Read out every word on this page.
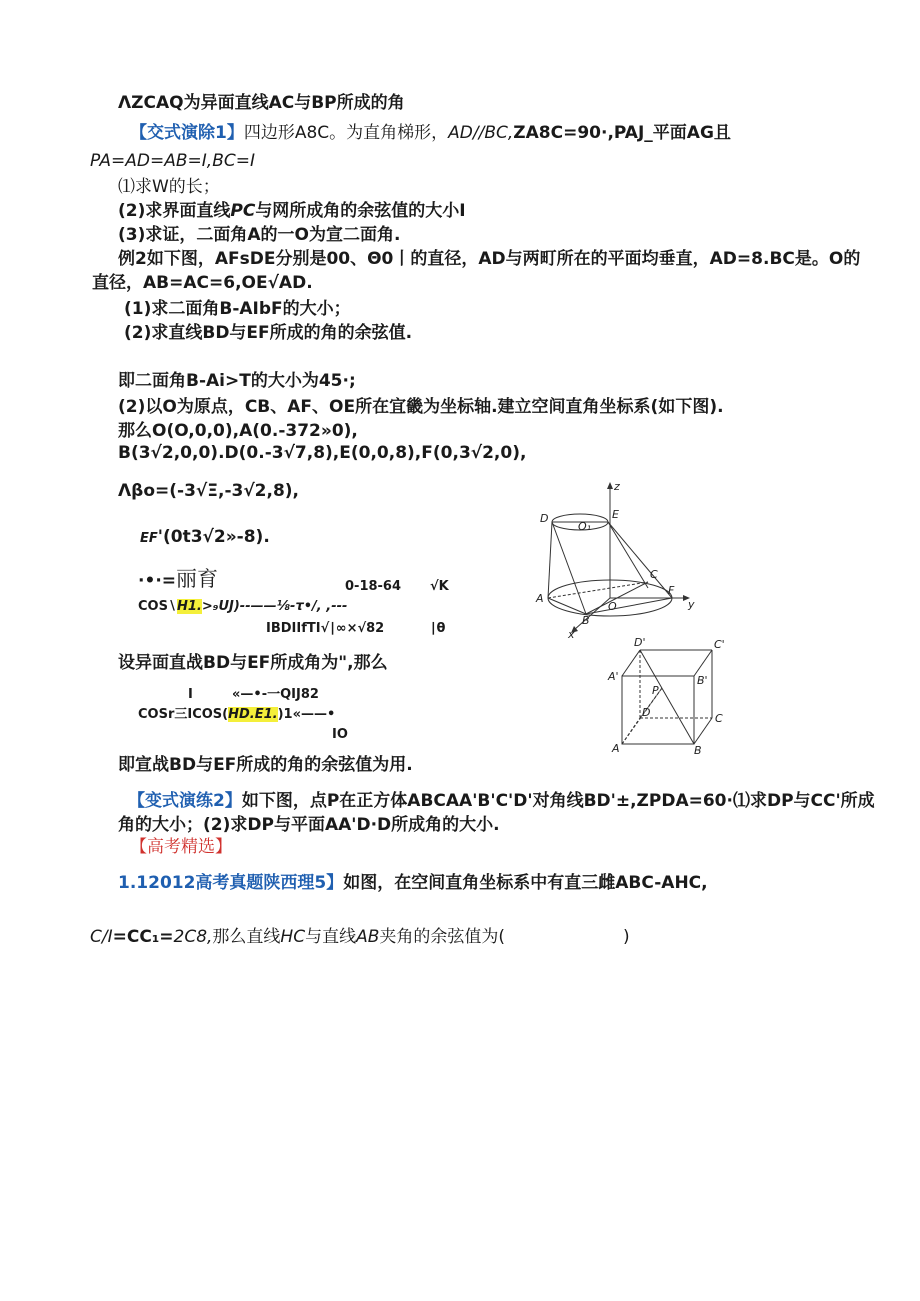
ΛZCAQ为异面直线AC与BP所成的角
【交式演除1】四边形A8C。为直角梯形，AD∕∕BC,ZA8C=90·,PAJ_平面AG且
PA=AD=AB=I,BC=I
⑴求W的长；
(2)求界面直线PC与网所成角的余弦值的大小I
(3)求证，二面角A的一O为宣二面角.
例2如下图，AFsDE分别是00、Θ0丨的直径，AD与两町所在的平面均垂直，AD=8.BC是。O的
直径，AB=AC=6,OE√AD.
(1)求二面角B-AIbF的大小；
(2)求直线BD与EF所成的角的余弦值.
即二面角B-Ai>T的大小为45·;
(2)以O为原点，CB、AF、OE所在宜畿为坐标轴.建立空间直角坐标系(如下图).
那么O(O,0,0),A(0.-372»0),
B(3√2,0,0).D(0.-3√7,8),E(0,0,8),F(0,3√2,0),
Λβo=(-3√Ξ,-3√2,8),
EF'(0t3√2»-8).
·•·=丽育	0-18-64 √K
COS∖H1.>₉UJ)--——⅛-τ•/, ,---
IBDIIfTI√∣∞×√82	∣θ
设异面直战BD与EF所成角为",那么
I	«—•-一QIJ82
COSr三ICOS(HD.E1.)1«——•
IO
即宣战BD与EF所成的角的余弦值为用.
【变式演练2】如下图，点P在正方体ABCAA'B'C'D'对角线BD'±,ZPDA=60·⑴求DP与CC'所成
角的大小；(2)求DP与平面AA'D·D所成角的大小.
【高考精选】
1.12012高考真题陕西理5】如图，在空间直角坐标系中有直三雌ABC-AHC,
C∕I=CC₁=2C8,那么直线HC与直线AB夹角的余弦值为(	)
z
D	E
O₁
C
A
O
F
y
B
x
D'	C'
A'	B'
P
D	C
A	B
